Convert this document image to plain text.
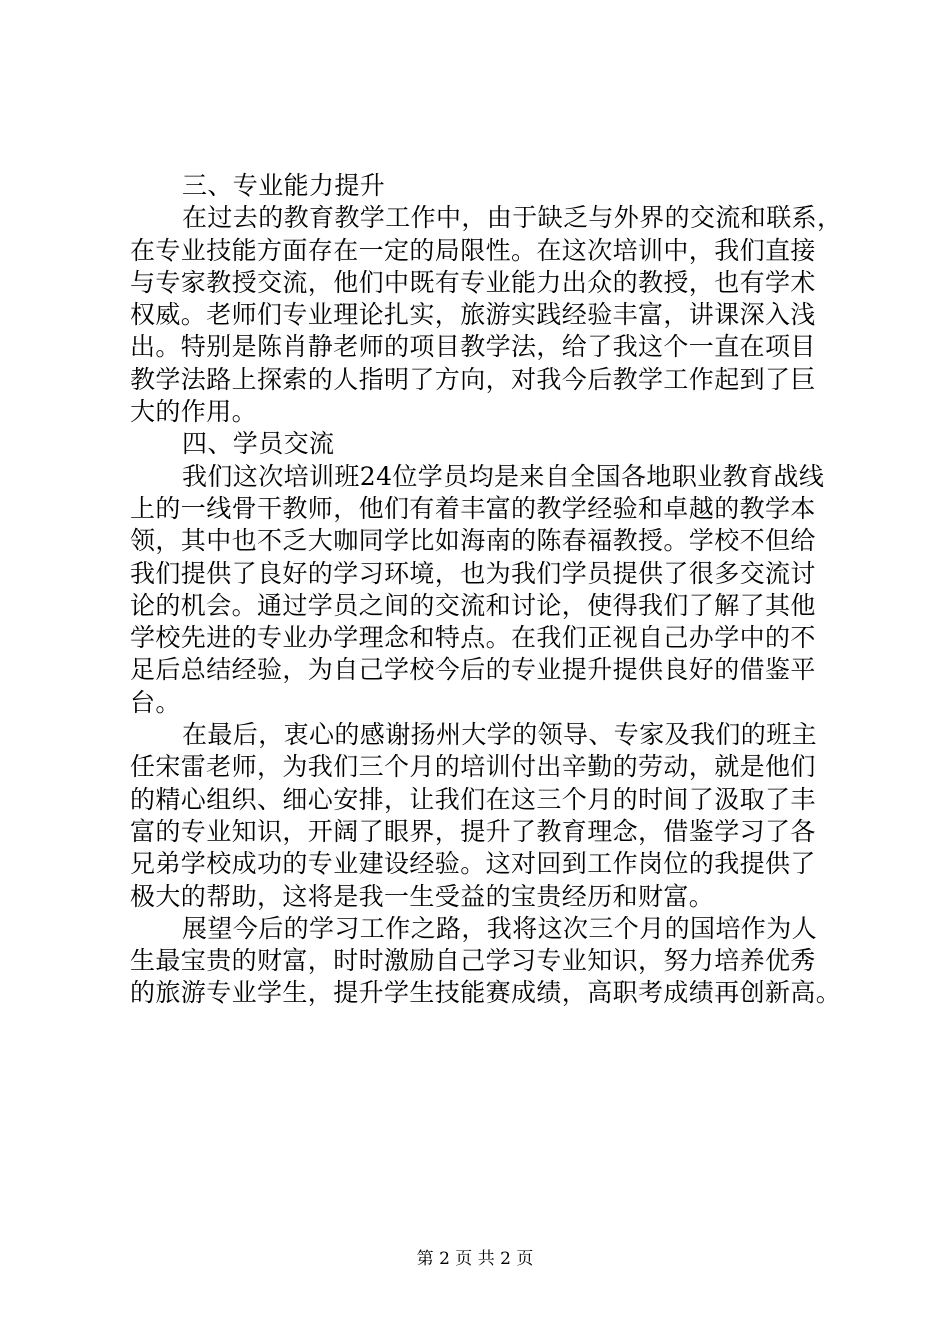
三、专业能力提升
在过去的教育教学工作中，由于缺乏与外界的交流和联系，
在专业技能方面存在一定的局限性。在这次培训中，我们直接
与专家教授交流，他们中既有专业能力出众的教授，也有学术
权威。老师们专业理论扎实，旅游实践经验丰富，讲课深入浅
出。特别是陈肖静老师的项目教学法，给了我这个一直在项目
教学法路上探索的人指明了方向，对我今后教学工作起到了巨
大的作用。
四、学员交流
我们这次培训班24位学员均是来自全国各地职业教育战线
上的一线骨干教师，他们有着丰富的教学经验和卓越的教学本
领，其中也不乏大咖同学比如海南的陈春福教授。学校不但给
我们提供了良好的学习环境，也为我们学员提供了很多交流讨
论的机会。通过学员之间的交流和讨论，使得我们了解了其他
学校先进的专业办学理念和特点。在我们正视自己办学中的不
足后总结经验，为自己学校今后的专业提升提供良好的借鉴平
台。
在最后，衷心的感谢扬州大学的领导、专家及我们的班主
任宋雷老师，为我们三个月的培训付出辛勤的劳动，就是他们
的精心组织、细心安排，让我们在这三个月的时间了汲取了丰
富的专业知识，开阔了眼界，提升了教育理念，借鉴学习了各
兄弟学校成功的专业建设经验。这对回到工作岗位的我提供了
极大的帮助，这将是我一生受益的宝贵经历和财富。
展望今后的学习工作之路，我将这次三个月的国培作为人
生最宝贵的财富，时时激励自己学习专业知识，努力培养优秀
的旅游专业学生，提升学生技能赛成绩，高职考成绩再创新高。
第 2 页 共 2 页
